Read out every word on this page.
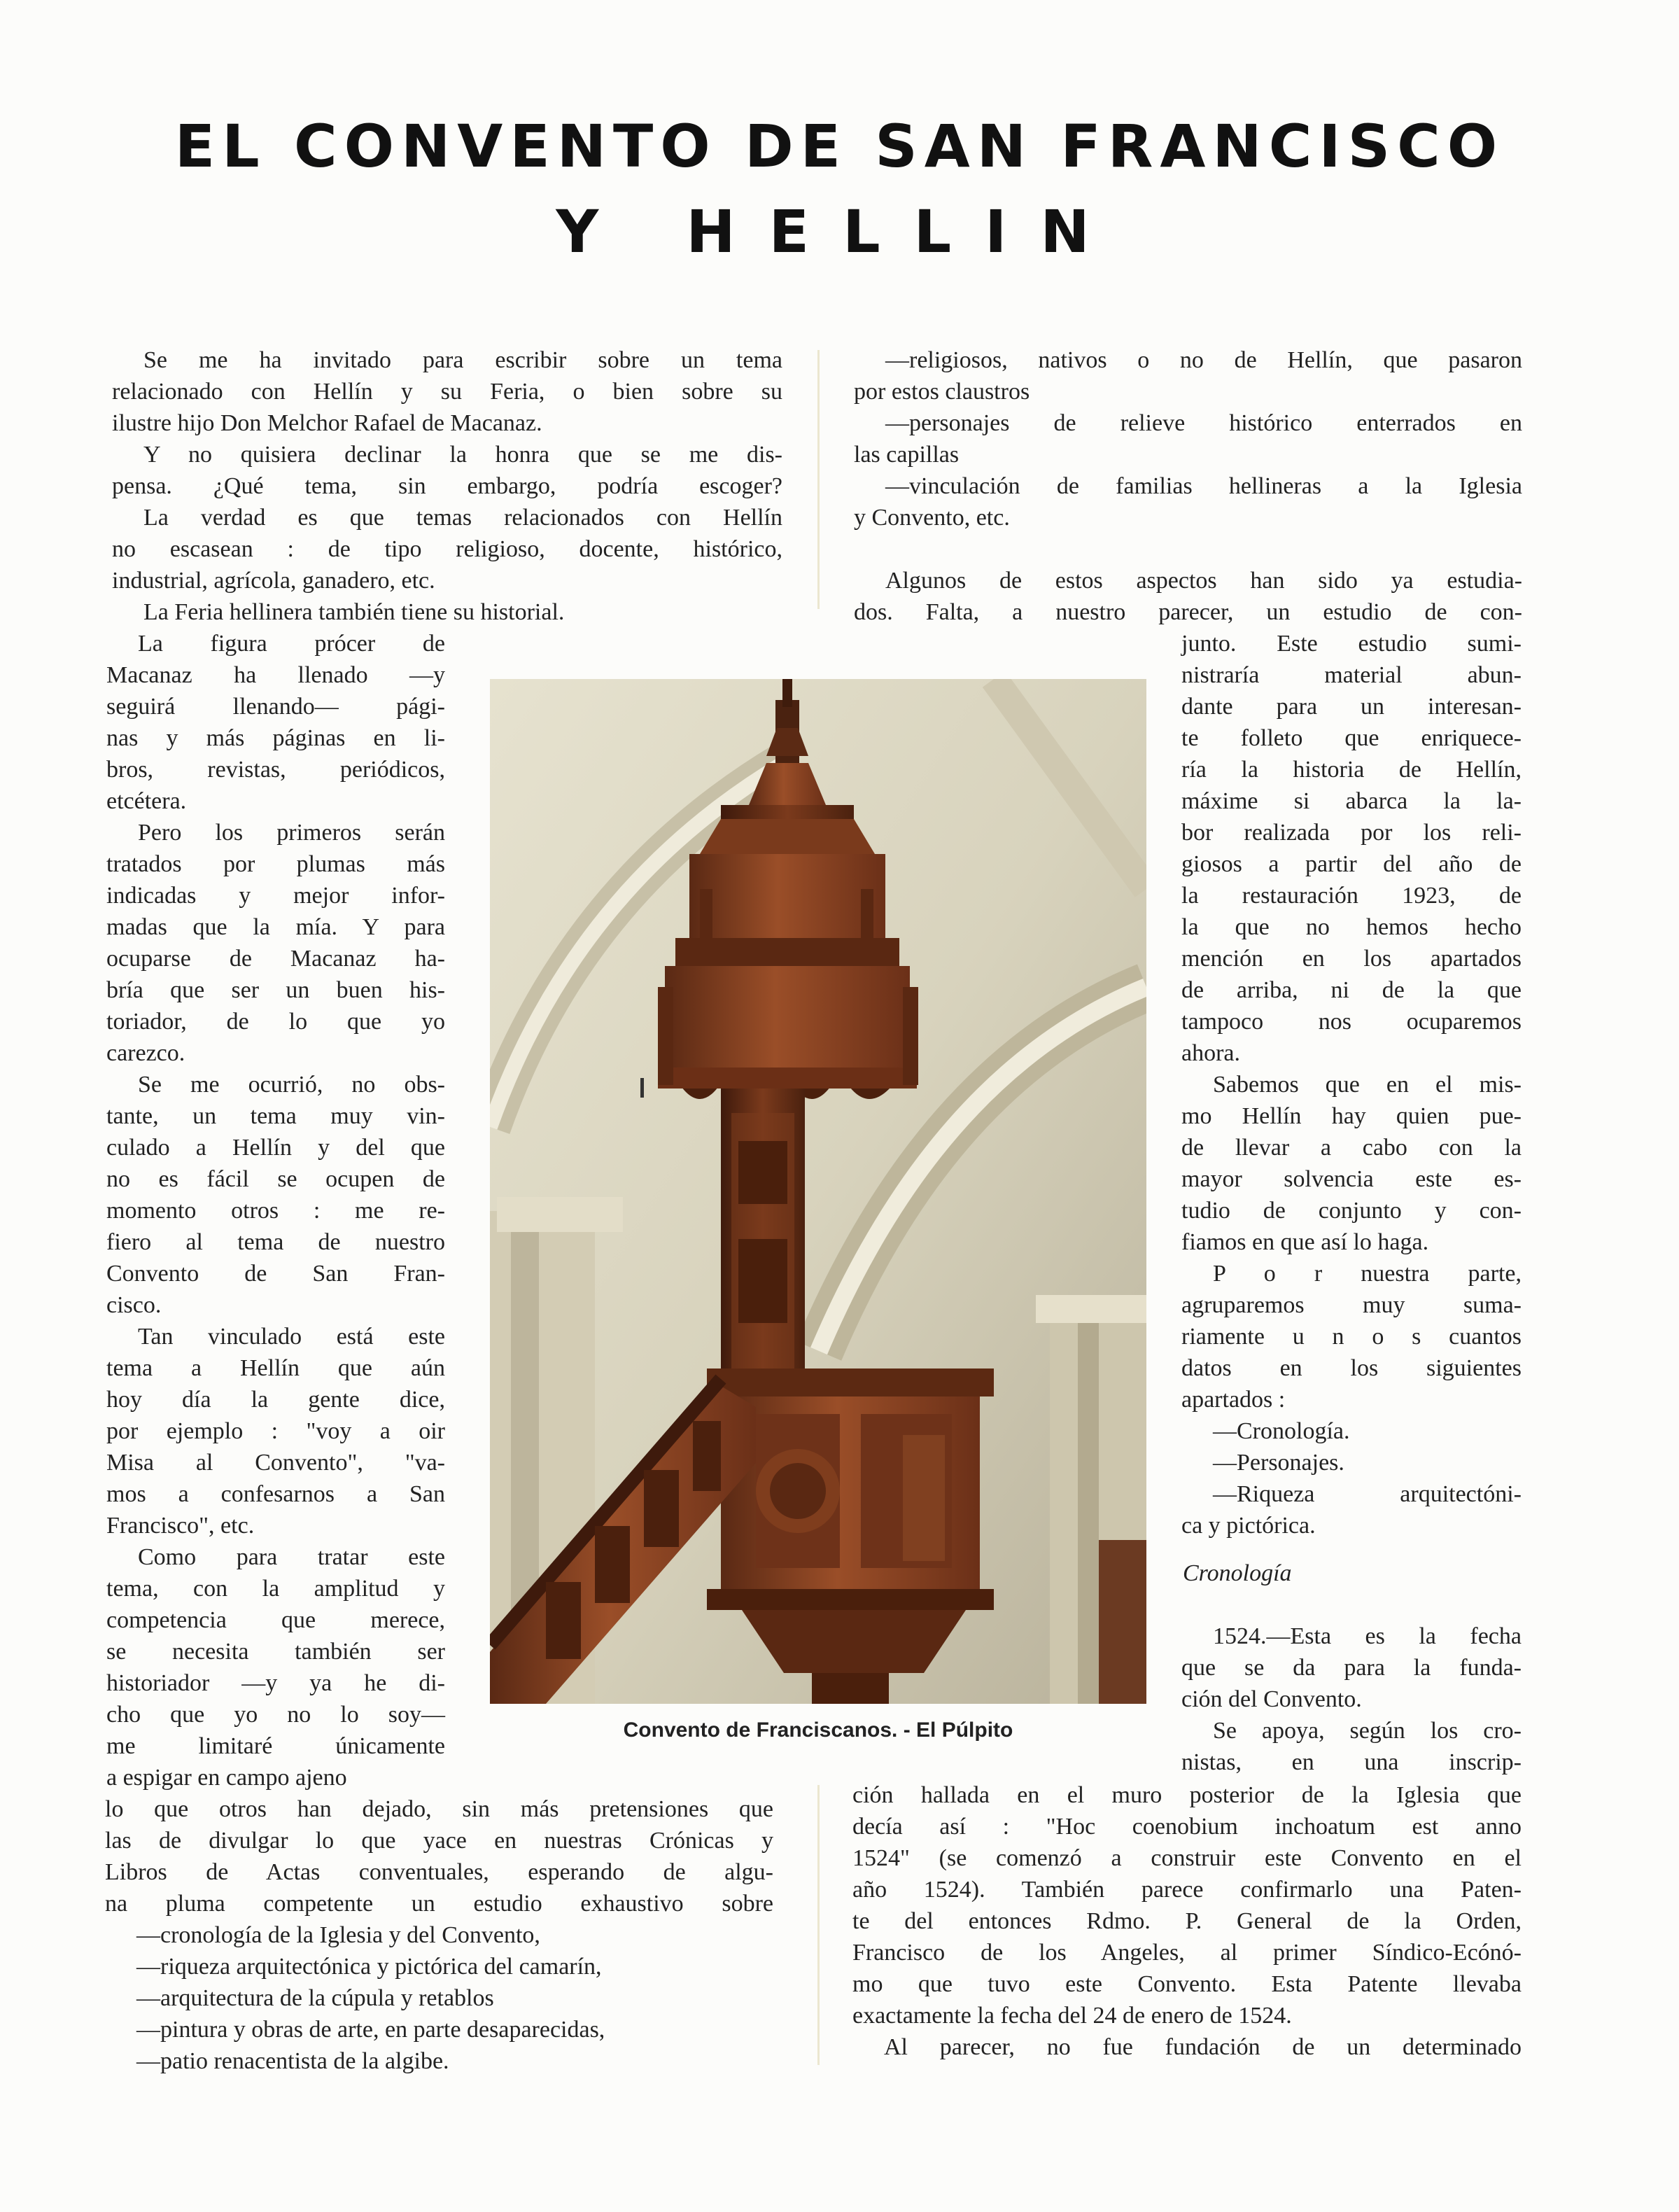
EL CONVENTO DE SAN FRANCISCO
Y HELLIN
Se me ha invitado para escribir sobre un tema
relacionado con Hellín y su Feria, o bien sobre su
ilustre hijo Don Melchor Rafael de Macanaz.
Y no quisiera declinar la honra que se me dis-
pensa. ¿Qué tema, sin embargo, podría escoger?
La verdad es que temas relacionados con Hellín
no escasean : de tipo religioso, docente, histórico,
industrial, agrícola, ganadero, etc.
La Feria hellinera también tiene su historial.
La figura prócer de
Macanaz ha llenado —y
seguirá llenando— pági-
nas y más páginas en li-
bros, revistas, periódicos,
etcétera.
Pero los primeros serán
tratados por plumas más
indicadas y mejor infor-
madas que la mía. Y para
ocuparse de Macanaz ha-
bría que ser un buen his-
toriador, de lo que yo
carezco.
Se me ocurrió, no obs-
tante, un tema muy vin-
culado a Hellín y del que
no es fácil se ocupen de
momento otros : me re-
fiero al tema de nuestro
Convento de San Fran-
cisco.
Tan vinculado está este
tema a Hellín que aún
hoy día la gente dice,
por ejemplo : "voy a oir
Misa al Convento", "va-
mos a confesarnos a San
Francisco", etc.
Como para tratar este
tema, con la amplitud y
competencia que merece,
se necesita también ser
historiador —y ya he di-
cho que yo no lo soy—
me limitaré únicamente
a espigar en campo ajeno
lo que otros han dejado, sin más pretensiones que
las de divulgar lo que yace en nuestras Crónicas y
Libros de Actas conventuales, esperando de algu-
na pluma competente un estudio exhaustivo sobre
—cronología de la Iglesia y del Convento,
—riqueza arquitectónica y pictórica del camarín,
—arquitectura de la cúpula y retablos
—pintura y obras de arte, en parte desaparecidas,
—patio renacentista de la algibe.
Convento de Franciscanos. - El Púlpito
—religiosos, nativos o no de Hellín, que pasaron
por estos claustros
—personajes de relieve histórico enterrados en
las capillas
—vinculación de familias hellineras a la Iglesia
y Convento, etc.
Algunos de estos aspectos han sido ya estudia-
dos. Falta, a nuestro parecer, un estudio de con-
junto. Este estudio sumi-
nistraría material abun-
dante para un interesan-
te folleto que enriquece-
ría la historia de Hellín,
máxime si abarca la la-
bor realizada por los reli-
giosos a partir del año de
la restauración 1923, de
la que no hemos hecho
mención en los apartados
de arriba, ni de la que
tampoco nos ocuparemos
ahora.
Sabemos que en el mis-
mo Hellín hay quien pue-
de llevar a cabo con la
mayor solvencia este es-
tudio de conjunto y con-
fiamos en que así lo haga.
P o r nuestra parte,
agruparemos muy suma-
riamente u n o s cuantos
datos en los siguientes
apartados :
—Cronología.
—Personajes.
—Riqueza arquitectóni-
ca y pictórica.
Cronología
1524.—Esta es la fecha
que se da para la funda-
ción del Convento.
Se apoya, según los cro-
nistas, en una inscrip-
ción hallada en el muro posterior de la Iglesia que
decía así : "Hoc coenobium inchoatum est anno
1524" (se comenzó a construir este Convento en el
año 1524). También parece confirmarlo una Paten-
te del entonces Rdmo. P. General de la Orden,
Francisco de los Angeles, al primer Síndico-Ecónó-
mo que tuvo este Convento. Esta Patente llevaba
exactamente la fecha del 24 de enero de 1524.
Al parecer, no fue fundación de un determinado
